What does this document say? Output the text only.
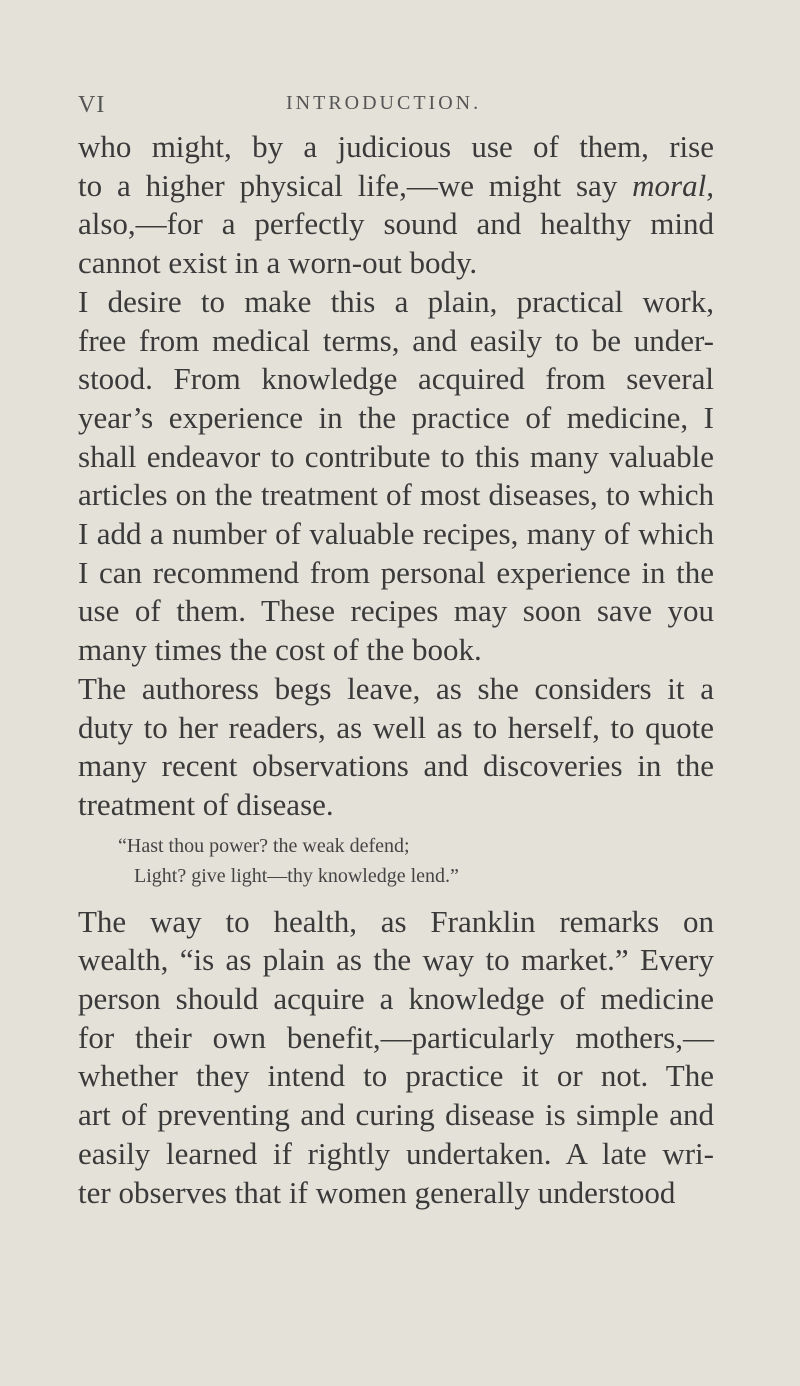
VI	INTRODUCTION.
who might, by a judicious use of them, rise
to a higher physical life,—we might say moral,
also,—for a perfectly sound and healthy mind
cannot exist in a worn-out body.
I desire to make this a plain, practical work,
free from medical terms, and easily to be under-
stood. From knowledge acquired from several
year’s experience in the practice of medicine, I
shall endeavor to contribute to this many valuable
articles on the treatment of most diseases, to which
I add a number of valuable recipes, many of which
I can recommend from personal experience in the
use of them. These recipes may soon save you
many times the cost of the book.
The authoress begs leave, as she considers it a
duty to her readers, as well as to herself, to quote
many recent observations and discoveries in the
treatment of disease.
“Hast thou power? the weak defend;
Light? give light—thy knowledge lend.”
The way to health, as Franklin remarks on
wealth, “is as plain as the way to market.” Every
person should acquire a knowledge of medicine
for their own benefit,—particularly mothers,—
whether they intend to practice it or not. The
art of preventing and curing disease is simple and
easily learned if rightly undertaken. A late wri-
ter observes that if women generally understood
